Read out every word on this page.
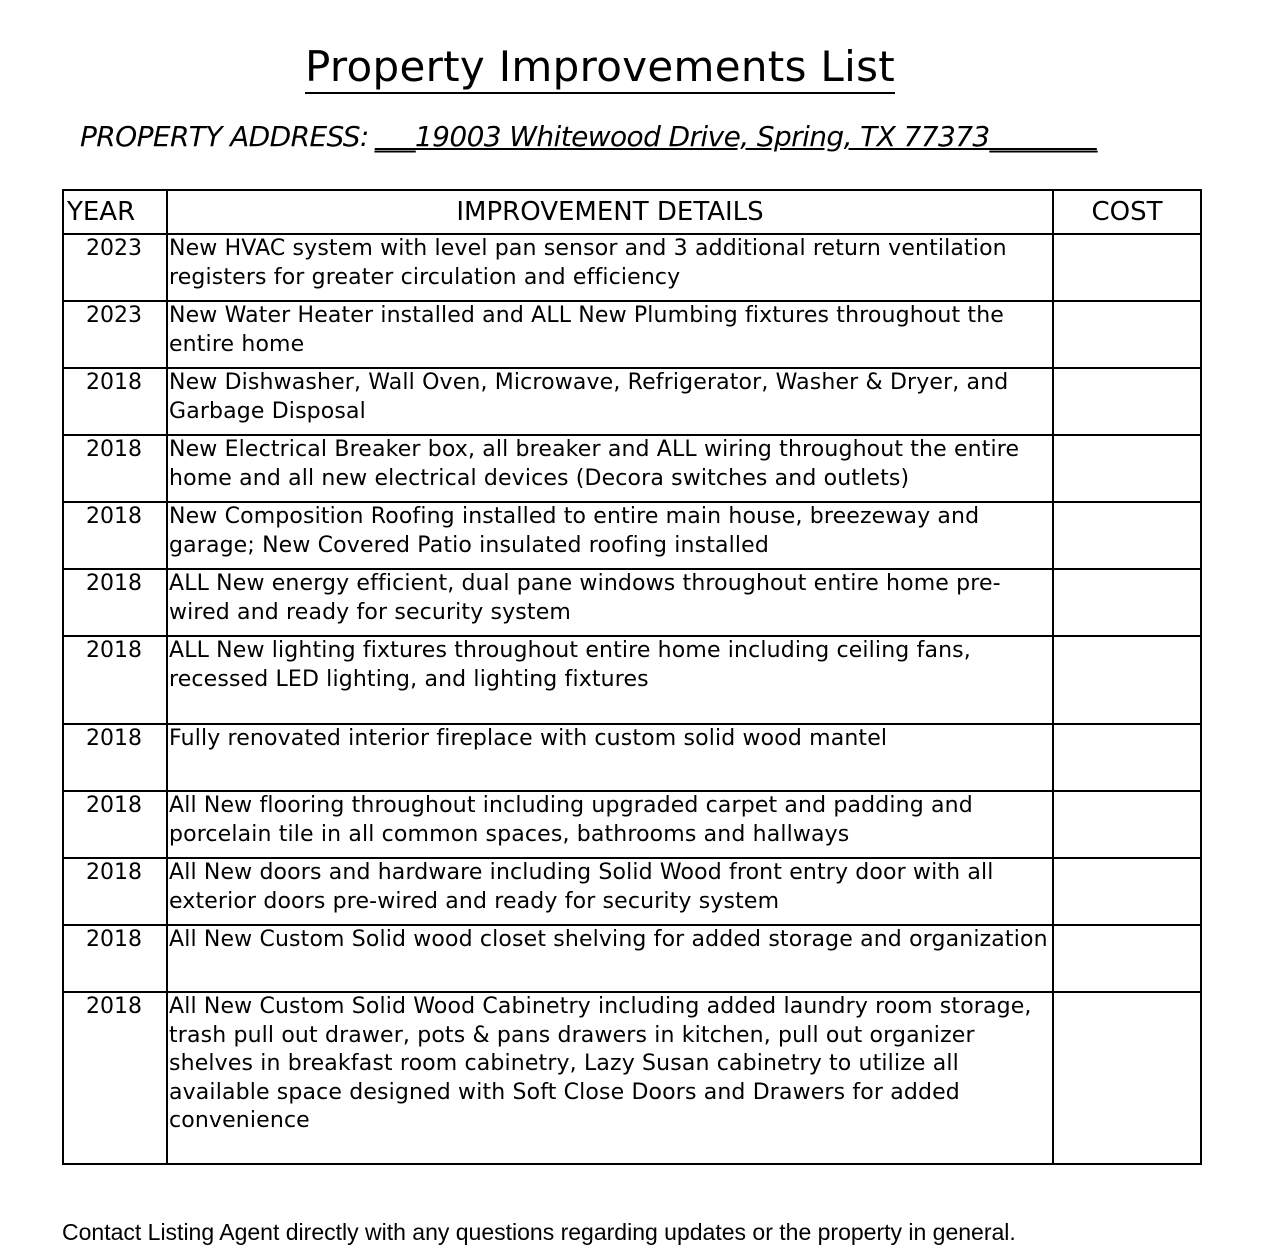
Property Improvements List
PROPERTY ADDRESS: ___19003 Whitewood Drive, Spring, TX 77373________
YEAR	IMPROVEMENT DETAILS	COST
2023	New HVAC system with level pan sensor and 3 additional return ventilation registers for greater circulation and efficiency	
2023	New Water Heater installed and ALL New Plumbing fixtures throughout the entire home	
2018	New Dishwasher, Wall Oven, Microwave, Refrigerator, Washer & Dryer, and Garbage Disposal	
2018	New Electrical Breaker box, all breaker and ALL wiring throughout the entire home and all new electrical devices (Decora switches and outlets)	
2018	New Composition Roofing installed to entire main house, breezeway and garage; New Covered Patio insulated roofing installed	
2018	ALL New energy efficient, dual pane windows throughout entire home pre-wired and ready for security system	
2018	ALL New lighting fixtures throughout entire home including ceiling fans, recessed LED lighting, and lighting fixtures	
2018	Fully renovated interior fireplace with custom solid wood mantel	
2018	All New flooring throughout including upgraded carpet and padding and porcelain tile in all common spaces, bathrooms and hallways	
2018	All New doors and hardware including Solid Wood front entry door with all exterior doors pre-wired and ready for security system	
2018	All New Custom Solid wood closet shelving for added storage and organization	
2018	All New Custom Solid Wood Cabinetry including added laundry room storage, trash pull out drawer, pots & pans drawers in kitchen, pull out organizer shelves in breakfast room cabinetry, Lazy Susan cabinetry to utilize all available space designed with Soft Close Doors and Drawers for added convenience	
Contact Listing Agent directly with any questions regarding updates or the property in general.
